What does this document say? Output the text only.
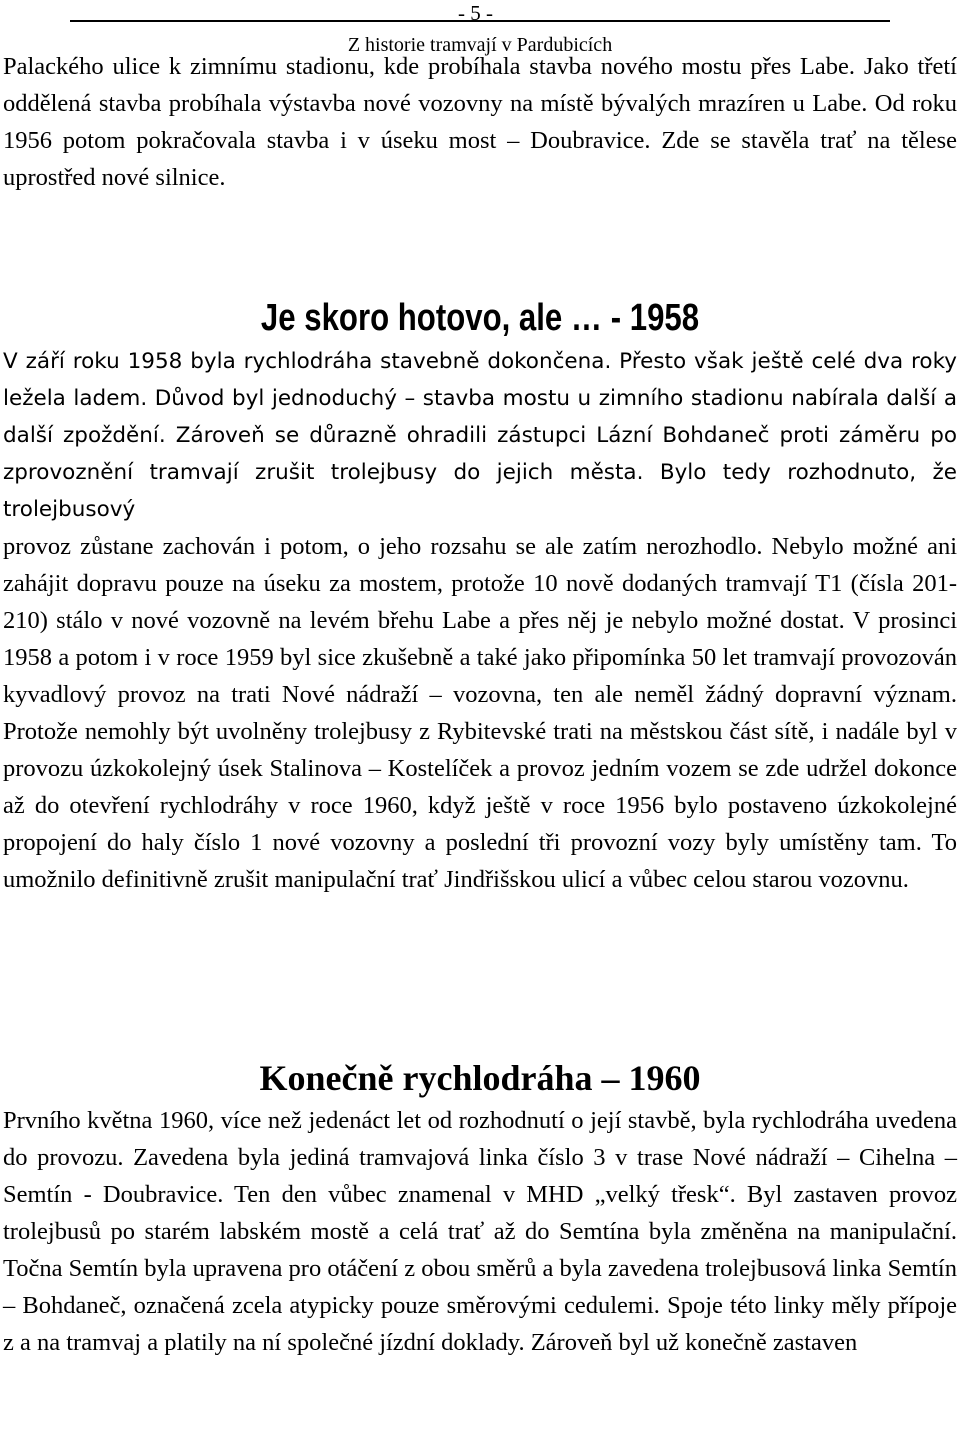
- 5 -
Z historie tramvají v Pardubicích

Palackého ulice k zimnímu stadionu, kde probíhala stavba nového mostu přes Labe. Jako třetí oddělená stavba probíhala výstavba nové vozovny na místě bývalých mrazíren u Labe. Od roku 1956 potom pokračovala stavba i v úseku most – Doubravice. Zde se stavěla trať na tělese uprostřed nové silnice.

Je skoro hotovo, ale … - 1958

V září roku 1958 byla rychlodráha stavebně dokončena. Přesto však ještě celé dva roky ležela ladem. Důvod byl jednoduchý – stavba mostu u zimního stadionu nabírala další a další zpoždění. Zároveň se důrazně ohradili zástupci Lázní Bohdaneč proti záměru po zprovoznění tramvají zrušit trolejbusy do jejich města. Bylo tedy rozhodnuto, že trolejbusový

provoz zůstane zachován i potom, o jeho rozsahu se ale zatím nerozhodlo. Nebylo možné ani zahájit dopravu pouze na úseku za mostem, protože 10 nově dodaných tramvají T1 (čísla 201-210) stálo v nové vozovně na levém břehu Labe a přes něj je nebylo možné dostat. V prosinci 1958 a potom i v roce 1959 byl sice zkušebně a také jako připomínka 50 let tramvají provozován kyvadlový provoz na trati Nové nádraží – vozovna, ten ale neměl žádný dopravní význam. Protože nemohly být uvolněny trolejbusy z Rybitevské trati na městskou část sítě, i nadále byl v provozu úzkokolejný úsek Stalinova – Kostelíček a provoz jedním vozem se zde udržel dokonce až do otevření rychlodráhy v roce 1960, když ještě v roce 1956 bylo postaveno úzkokolejné propojení do haly číslo 1 nové vozovny a poslední tři provozní vozy byly umístěny tam. To umožnilo definitivně zrušit manipulační trať Jindřišskou ulicí a vůbec celou starou vozovnu.

Konečně rychlodráha – 1960

Prvního května 1960, více než jedenáct let od rozhodnutí o její stavbě, byla rychlodráha uvedena do provozu. Zavedena byla jediná tramvajová linka číslo 3 v trase Nové nádraží – Cihelna – Semtín - Doubravice. Ten den vůbec znamenal v MHD „velký třesk“. Byl zastaven provoz trolejbusů po starém labském mostě a celá trať až do Semtína byla změněna na manipulační. Točna Semtín byla upravena pro otáčení z obou směrů a byla zavedena trolejbusová linka Semtín – Bohdaneč, označená zcela atypicky pouze směrovými cedulemi. Spoje této linky měly přípoje z a na tramvaj a platily na ní společné jízdní doklady. Zároveň byl už konečně zastaven
